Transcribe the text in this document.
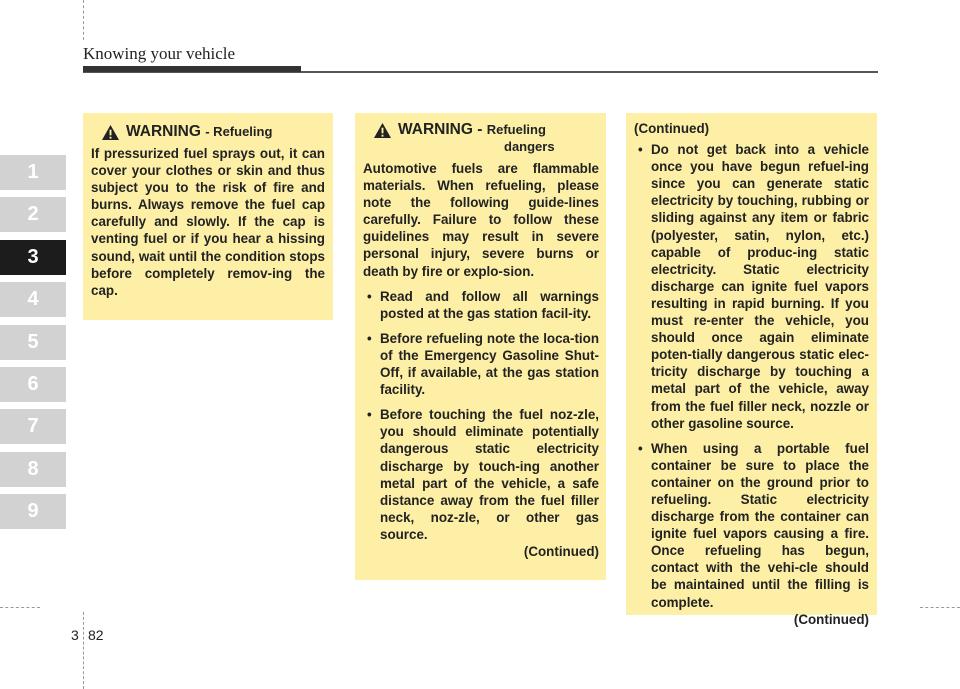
Knowing your vehicle
1
2
3
4
5
6
7
8
9
WARNING - Refueling

If pressurized fuel sprays out, it can cover your clothes or skin and thus subject you to the risk of fire and burns. Always remove the fuel cap carefully and slowly. If the cap is venting fuel or if you hear a hissing sound, wait until the condition stops before completely remov-ing the cap.

WARNING - Refueling
dangers

Automotive fuels are flammable materials. When refueling, please note the following guide-lines carefully. Failure to follow these guidelines may result in severe personal injury, severe burns or death by fire or explo-sion.

• Read and follow all warnings posted at the gas station facil-ity.
• Before refueling note the loca-tion of the Emergency Gasoline Shut-Off, if available, at the gas station facility.
• Before touching the fuel noz-zle, you should eliminate potentially dangerous static electricity discharge by touch-ing another metal part of the vehicle, a safe distance away from the fuel filler neck, noz-zle, or other gas source.

(Continued)

(Continued)

• Do not get back into a vehicle once you have begun refuel-ing since you can generate static electricity by touching, rubbing or sliding against any item or fabric (polyester, satin, nylon, etc.) capable of produc-ing static electricity. Static electricity discharge can ignite fuel vapors resulting in rapid burning. If you must re-enter the vehicle, you should once again eliminate poten-tially dangerous static elec-tricity discharge by touching a metal part of the vehicle, away from the fuel filler neck, nozzle or other gasoline source.
• When using a portable fuel container be sure to place the container on the ground prior to refueling. Static electricity discharge from the container can ignite fuel vapors causing a fire. Once refueling has begun, contact with the vehi-cle should be maintained until the filling is complete.

(Continued)

3 82
